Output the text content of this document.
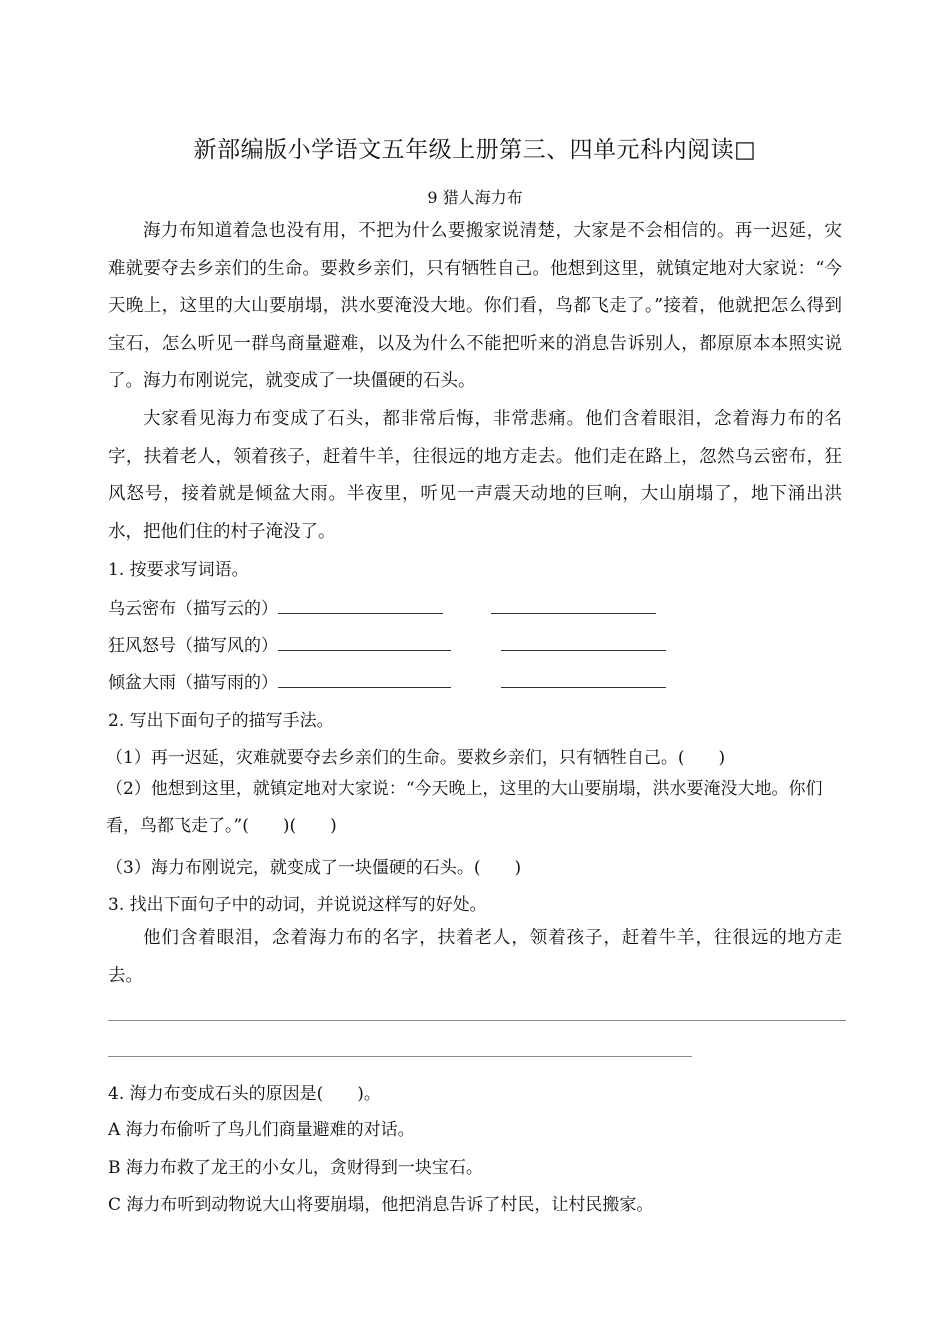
新部编版小学语文五年级上册第三、四单元科内阅读□
9 猎人海力布

海力布知道着急也没有用，不把为什么要搬家说清楚，大家是不会相信的。再一迟延，灾难就要夺去乡亲们的生命。要救乡亲们，只有牺牲自己。他想到这里，就镇定地对大家说：“今天晚上，这里的大山要崩塌，洪水要淹没大地。你们看，鸟都飞走了。”接着，他就把怎么得到宝石，怎么听见一群鸟商量避难，以及为什么不能把听来的消息告诉别人，都原原本本照实说了。海力布刚说完，就变成了一块僵硬的石头。

大家看见海力布变成了石头，都非常后悔，非常悲痛。他们含着眼泪，念着海力布的名字，扶着老人，领着孩子，赶着牛羊，往很远的地方走去。他们走在路上，忽然乌云密布，狂风怒号，接着就是倾盆大雨。半夜里，听见一声震天动地的巨响，大山崩塌了，地下涌出洪水，把他们住的村子淹没了。

1. 按要求写词语。
乌云密布（描写云的）
狂风怒号（描写风的）
倾盆大雨（描写雨的）
2. 写出下面句子的描写手法。
（1）再一迟延，灾难就要夺去乡亲们的生命。要救乡亲们，只有牺牲自己。(　　)
（2）他想到这里，就镇定地对大家说：“今天晚上，这里的大山要崩塌，洪水要淹没大地。你们看，鸟都飞走了。”(　　)(　　)
（3）海力布刚说完，就变成了一块僵硬的石头。(　　)
3. 找出下面句子中的动词，并说说这样写的好处。

他们含着眼泪，念着海力布的名字，扶着老人，领着孩子，赶着牛羊，往很远的地方走去。

4. 海力布变成石头的原因是(　　)。
A 海力布偷听了鸟儿们商量避难的对话。
B 海力布救了龙王的小女儿，贪财得到一块宝石。
C 海力布听到动物说大山将要崩塌，他把消息告诉了村民，让村民搬家。
